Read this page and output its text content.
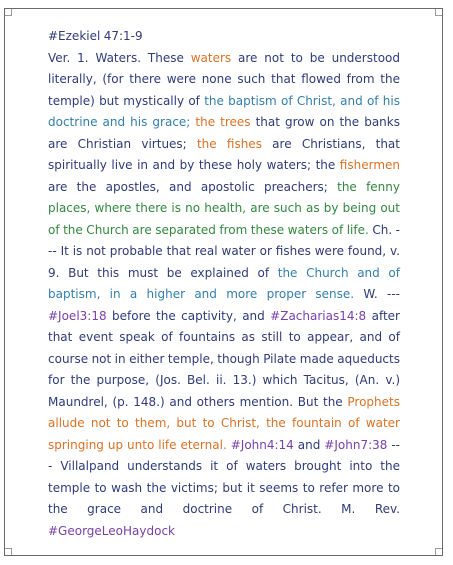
#Ezekiel 47:1-9
Ver. 1. Waters. These waters are not to be understood literally, (for there were none such that flowed from the temple) but mystically of the baptism of Christ, and of his doctrine and his grace; the trees that grow on the banks are Christian virtues; the fishes are Christians, that spiritually live in and by these holy waters; the fishermen are the apostles, and apostolic preachers; the fenny places, where there is no health, are such as by being out of the Church are separated from these waters of life. Ch. --- It is not probable that real water or fishes were found, v. 9. But this must be explained of the Church and of baptism, in a higher and more proper sense. W. --- #Joel3:18 before the captivity, and #Zacharias14:8 after that event speak of fountains as still to appear, and of course not in either temple, though Pilate made aqueducts for the purpose, (Jos. Bel. ii. 13.) which Tacitus, (An. v.) Maundrel, (p. 148.) and others mention. But the Prophets allude not to them, but to Christ, the fountain of water springing up unto life eternal. #John4:14 and #John7:38 --- Villalpand understands it of waters brought into the temple to wash the victims; but it seems to refer more to the grace and doctrine of Christ. M. Rev. #GeorgeLeoHaydock
